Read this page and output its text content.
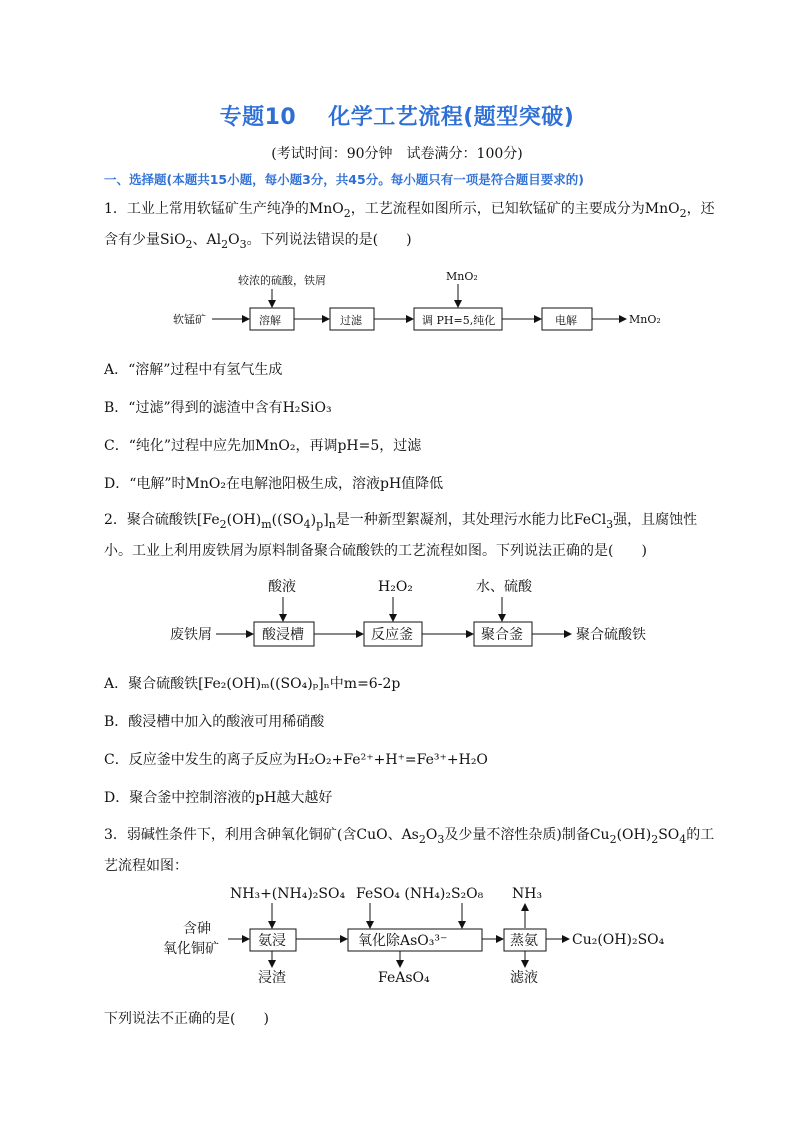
专题10 化学工艺流程(题型突破)
(考试时间：90分钟　试卷满分：100分)
一、选择题(本题共15小题，每小题3分，共45分。每小题只有一项是符合题目要求的)
1．工业上常用软锰矿生产纯净的MnO$_2$，工艺流程如图所示，已知软锰矿的主要成分为MnO$_2$，还含有少量SiO$_2$、$Al_2O_3$。下列说法错误的是(　　)
软锰矿
较浓的硫酸，铁屑
溶解	过滤
MnO₂
调 PH=5,纯化	电解	MnO₂
A．“溶解”过程中有氢气生成
B．“过滤”得到的滤渣中含有H₂SiO₃
C．“纯化”过程中应先加MnO₂，再调pH=5，过滤
D．“电解”时MnO₂在电解池阳极生成，溶液pH值降低
2．聚合硫酸铁[$Fe_2(OH)_m((SO_4)_p]_n$是一种新型絮凝剂，其处理污水能力比FeCl$_3$强，且腐蚀性小。工业上利用废铁屑为原料制备聚合硫酸铁的工艺流程如图。下列说法正确的是(　　)
废铁屑
酸液
酸浸槽
H₂O₂
反应釜
水、硫酸
聚合釜	聚合硫酸铁
A．聚合硫酸铁[Fe₂(OH)ₘ((SO₄)ₚ]ₙ中m=6-2p
B．酸浸槽中加入的酸液可用稀硝酸
C．反应釜中发生的离子反应为H₂O₂+Fe²⁺+H⁺=Fe³⁺+H₂O
D．聚合釜中控制溶液的pH越大越好
3．弱碱性条件下，利用含砷氧化铜矿(含CuO、$As_2O_3$及少量不溶性杂质)制备$Cu_2(OH)_2SO_4$的工艺流程如图：
含砷
氧化铜矿
NH₃+(NH₄)₂SO₄
氨浸
浸渣
FeSO₄ (NH₄)₂S₂O₈
氧化除AsO₃³⁻
FeAsO₄
NH₃
蒸氨
滤液
Cu₂(OH)₂SO₄
下列说法不正确的是(　　)
